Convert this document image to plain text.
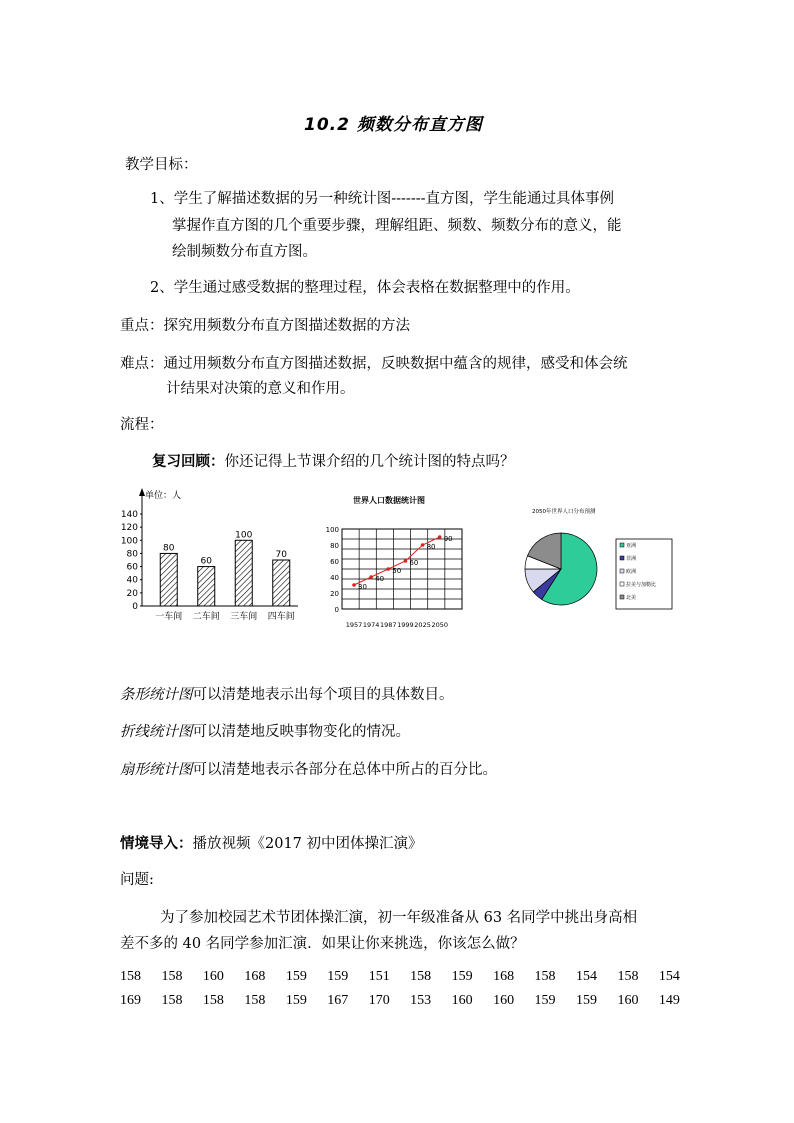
10.2 频数分布直方图
教学目标：
1、学生了解描述数据的另一种统计图-------直方图，学生能通过具体事例
掌握作直方图的几个重要步骤，理解组距、频数、频数分布的意义，能
绘制频数分布直方图。
2、学生通过感受数据的整理过程，体会表格在数据整理中的作用。
重点：探究用频数分布直方图描述数据的方法
难点：通过用频数分布直方图描述数据，反映数据中蕴含的规律，感受和体会统
计结果对决策的意义和作用。
流程：
复习回顾：你还记得上节课介绍的几个统计图的特点吗？
单位：人
140
120
100
80
60
40
20
0
80
一车间
60
二车间
100
三车间
70
四车间
世界人口数据统计图
100
80
60
40
20
0
30
40
50
60
80
90
1957 1974 1987 1999 2025 2050
2050年世界人口分布预测
亚洲
非洲
欧洲
拉美与加勒比
北美
条形统计图可以清楚地表示出每个项目的具体数目。
折线统计图可以清楚地反映事物变化的情况。
扇形统计图可以清楚地表示各部分在总体中所占的百分比。
情境导入：播放视频《2017 初中团体操汇演》
问题:
为了参加校园艺术节团体操汇演，初一年级准备从 63 名同学中挑出身高相
差不多的 40 名同学参加汇演．如果让你来挑选，你该怎么做？
158 158 160 168 159 159 151 158 159 168 158 154 158 154
169 158 158 158 159 167 170 153 160 160 159 159 160 149
